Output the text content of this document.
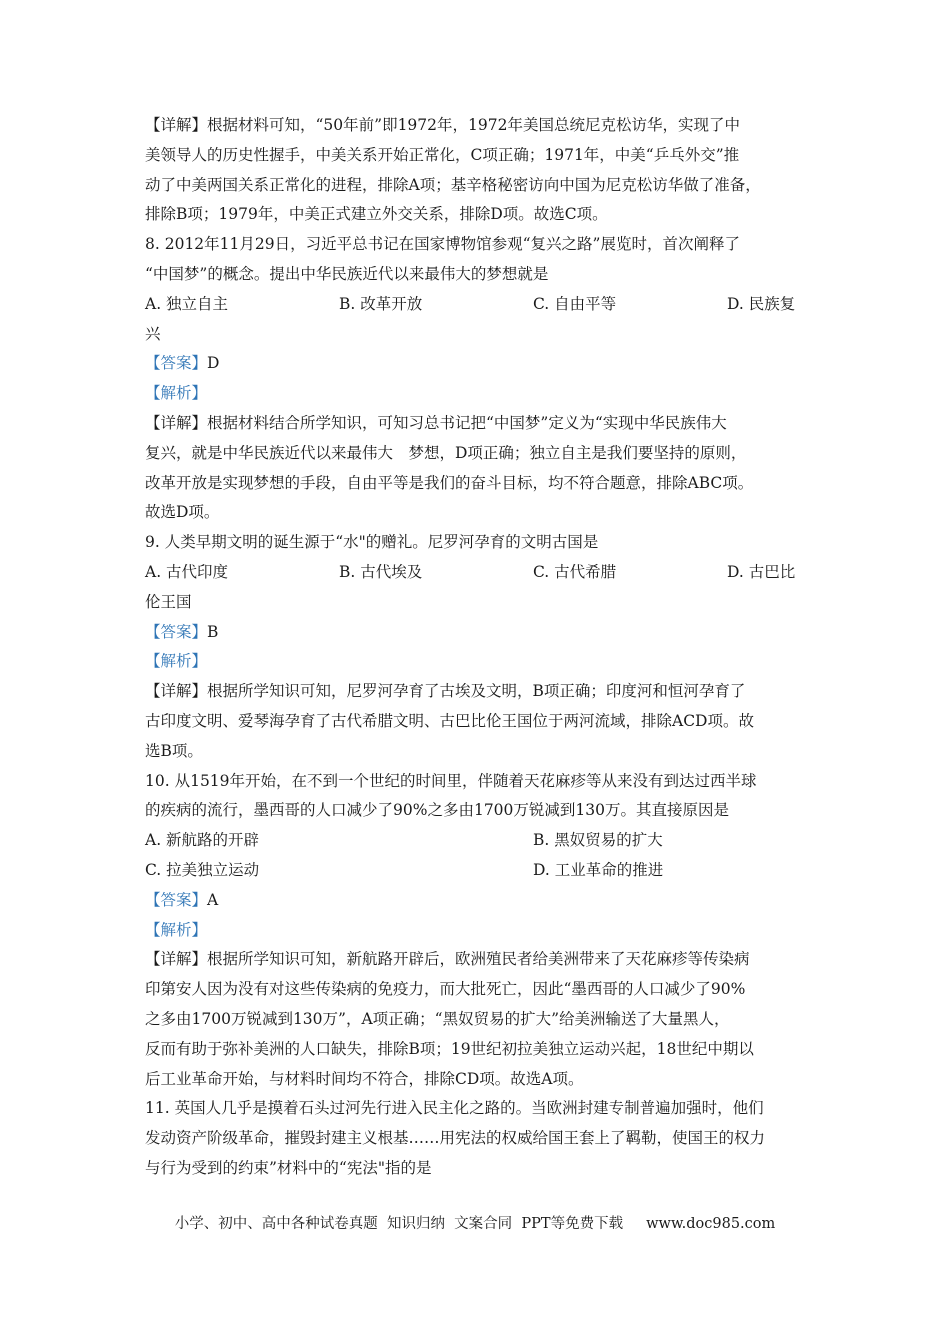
【详解】根据材料可知，“50年前”即1972年，1972年美国总统尼克松访华，实现了中
美领导人的历史性握手，中美关系开始正常化，C项正确；1971年，中美“乒乓外交”推
动了中美两国关系正常化的进程，排除A项；基辛格秘密访向中国为尼克松访华做了准备，
排除B项；1979年，中美正式建立外交关系，排除D项。故选C项。
8. 2012年11月29日，习近平总书记在国家博物馆参观“复兴之路”展览时，首次阐释了
“中国梦”的概念。提出中华民族近代以来最伟大的梦想就是
A. 独立自主	B. 改革开放	C. 自由平等	D. 民族复
兴
【答案】D
【解析】
【详解】根据材料结合所学知识，可知习总书记把“中国梦”定义为“实现中华民族伟大
复兴，就是中华民族近代以来最伟大　梦想，D项正确；独立自主是我们要坚持的原则，
改革开放是实现梦想的手段，自由平等是我们的奋斗目标，均不符合题意，排除ABC项。
故选D项。
9. 人类早期文明的诞生源于“水"的赠礼。尼罗河孕育的文明古国是
A. 古代印度	B. 古代埃及	C. 古代希腊	D. 古巴比
伦王国
【答案】B
【解析】
【详解】根据所学知识可知，尼罗河孕育了古埃及文明，B项正确；印度河和恒河孕育了
古印度文明、爱琴海孕育了古代希腊文明、古巴比伦王国位于两河流域，排除ACD项。故
选B项。
10. 从1519年开始，在不到一个世纪的时间里，伴随着天花麻疹等从来没有到达过西半球
的疾病的流行，墨西哥的人口减少了90%之多由1700万锐减到130万。其直接原因是
A. 新航路的开辟	B. 黑奴贸易的扩大
C. 拉美独立运动	D. 工业革命的推进
【答案】A
【解析】
【详解】根据所学知识可知，新航路开辟后，欧洲殖民者给美洲带来了天花麻疹等传染病
印第安人因为没有对这些传染病的免疫力，而大批死亡，因此“墨西哥的人口减少了90%
之多由1700万锐减到130万”，A项正确；“黑奴贸易的扩大”给美洲输送了大量黑人，
反而有助于弥补美洲的人口缺失，排除B项；19世纪初拉美独立运动兴起，18世纪中期以
后工业革命开始，与材料时间均不符合，排除CD项。故选A项。
11. 英国人几乎是摸着石头过河先行进入民主化之路的。当欧洲封建专制普遍加强时，他们
发动资产阶级革命，摧毁封建主义根基……用宪法的权威给国王套上了羁勒，使国王的权力
与行为受到的约束”材料中的“宪法"指的是
小学、初中、高中各种试卷真题  知识归纳  文案合同  PPT等免费下载     www.doc985.com
